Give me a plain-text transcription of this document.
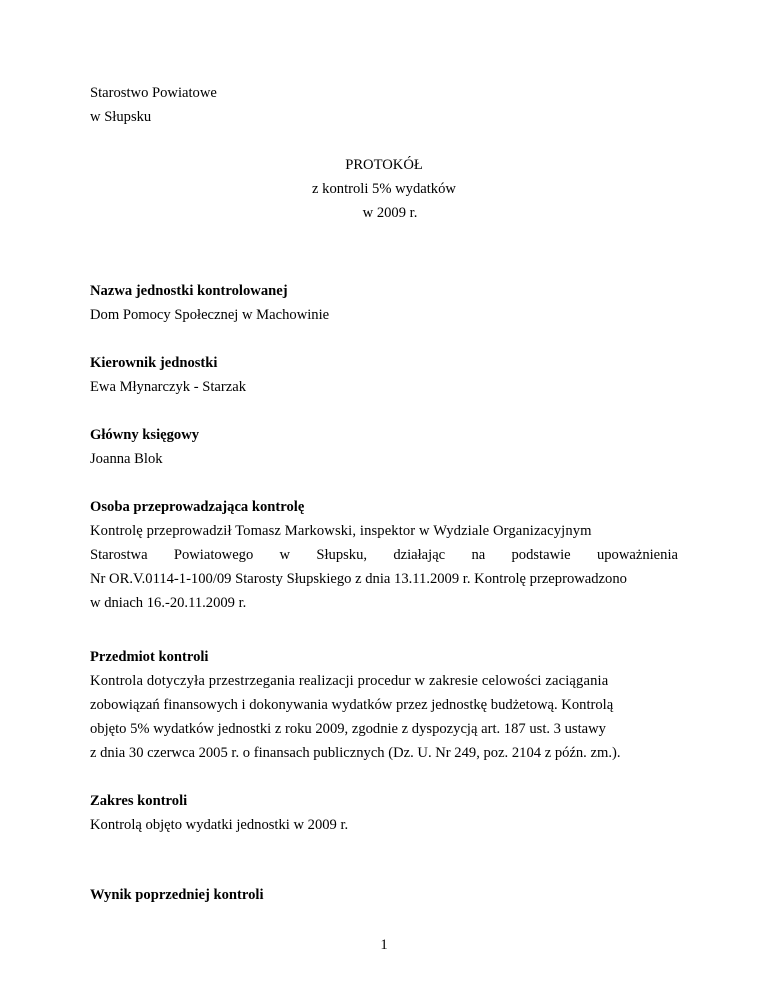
Starostwo Powiatowe
w Słupsku
PROTOKÓŁ
z kontroli 5% wydatków
w 2009 r.
Nazwa jednostki kontrolowanej
Dom Pomocy Społecznej w Machowinie
Kierownik jednostki
Ewa Młynarczyk - Starzak
Główny księgowy
Joanna Blok
Osoba przeprowadzająca kontrolę
Kontrolę przeprowadził Tomasz Markowski, inspektor w Wydziale Organizacyjnym
Starostwa Powiatowego w Słupsku, działając na podstawie upoważnienia
Nr OR.V.0114-1-100/09 Starosty Słupskiego z dnia 13.11.2009 r. Kontrolę przeprowadzono
w dniach 16.-20.11.2009 r.
Przedmiot kontroli
Kontrola dotyczyła przestrzegania realizacji procedur w zakresie celowości zaciągania
zobowiązań finansowych i dokonywania wydatków przez jednostkę budżetową. Kontrolą
objęto 5% wydatków jednostki z roku 2009, zgodnie z dyspozycją art. 187 ust. 3 ustawy
z dnia 30 czerwca 2005 r. o finansach publicznych (Dz. U. Nr 249, poz. 2104 z późn. zm.).
Zakres kontroli
Kontrolą objęto wydatki jednostki w 2009 r.
Wynik poprzedniej kontroli
1
